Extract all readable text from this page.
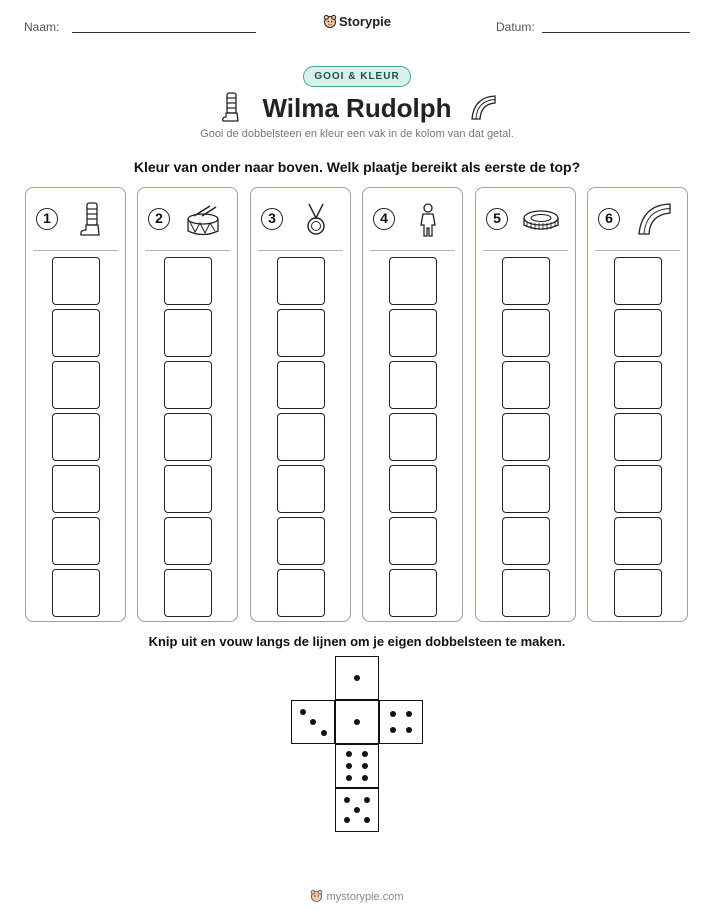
Naam:	Storypie	Datum:
GOOI & KLEUR
Wilma Rudolph
Gooi de dobbelsteen en kleur een vak in de kolom van dat getal.
Kleur van onder naar boven. Welk plaatje bereikt als eerste de top?
1	2	3	4	5	6
Knip uit en vouw langs de lijnen om je eigen dobbelsteen te maken.
mystorypie.com
